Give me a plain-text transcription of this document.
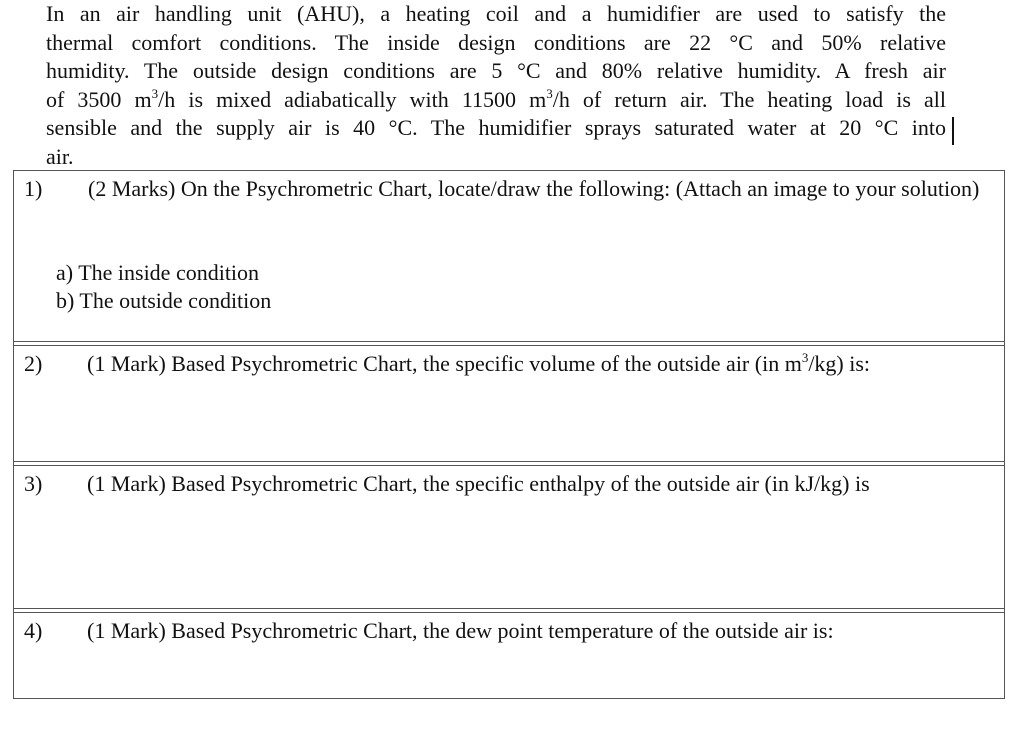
In an air handling unit (AHU), a heating coil and a humidifier are used to satisfy the
thermal comfort conditions. The inside design conditions are 22 °C and 50% relative
humidity. The outside design conditions are 5 °C and 80% relative humidity. A fresh air
of 3500 $m^3/h$ is mixed adiabatically with 11500 $m^3/h$ of return air. The heating load is all
sensible and the supply air is 40 °C. The humidifier sprays saturated water at 20 °C into
air.
1) (2 Marks) On the Psychrometric Chart, locate/draw the following: (Attach an image to your solution)
a) The inside condition
b) The outside condition
2) (1 Mark) Based Psychrometric Chart, the specific volume of the outside air (in $m^3/kg$) is:
3) (1 Mark) Based Psychrometric Chart, the specific enthalpy of the outside air (in kJ/kg) is
4) (1 Mark) Based Psychrometric Chart, the dew point temperature of the outside air is:
